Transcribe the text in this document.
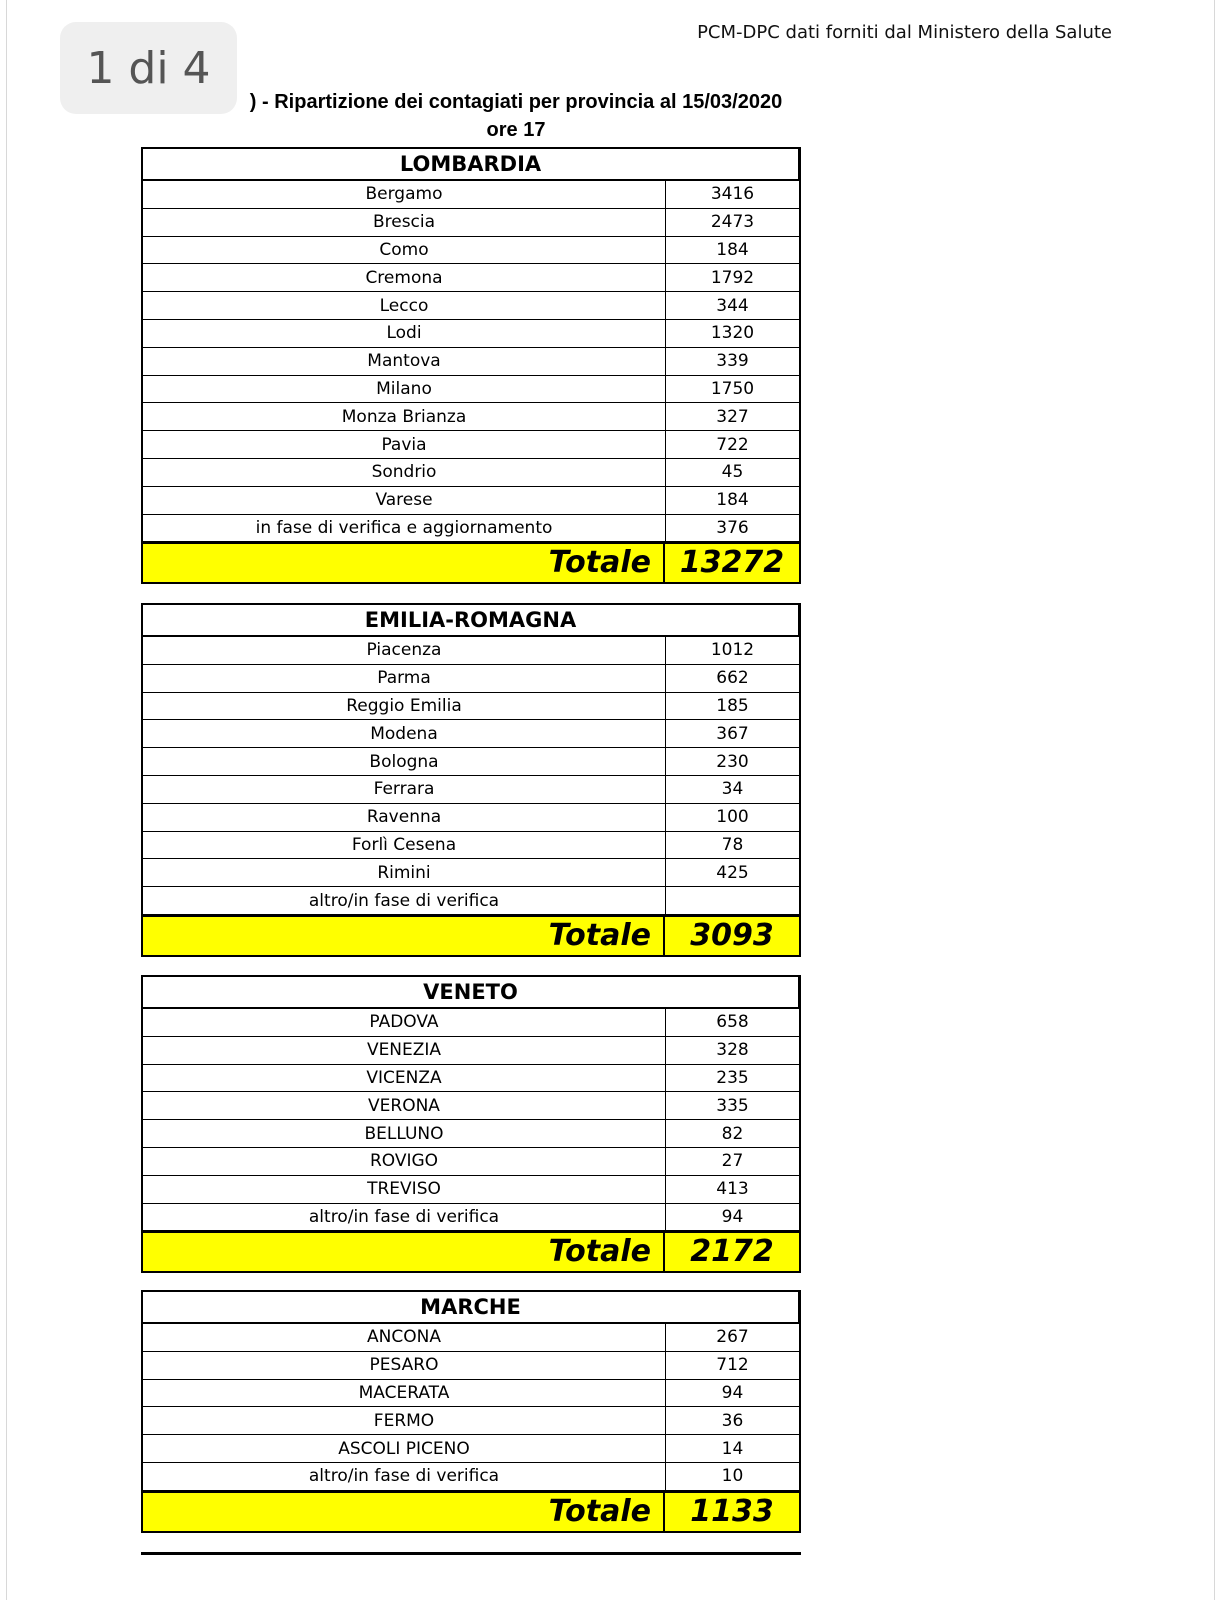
PCM-DPC dati forniti dal Ministero della Salute
1 di 4
) - Ripartizione dei contagiati per provincia al 15/03/2020
ore 17
LOMBARDIA
Bergamo	3416
Brescia	2473
Como	184
Cremona	1792
Lecco	344
Lodi	1320
Mantova	339
Milano	1750
Monza Brianza	327
Pavia	722
Sondrio	45
Varese	184
in fase di verifica e aggiornamento	376
Totale 13272
EMILIA-ROMAGNA
Piacenza	1012
Parma	662
Reggio Emilia	185
Modena	367
Bologna	230
Ferrara	34
Ravenna	100
Forlì Cesena	78
Rimini	425
altro/in fase di verifica
Totale	3093
VENETO
PADOVA	658
VENEZIA	328
VICENZA	235
VERONA	335
BELLUNO	82
ROVIGO	27
TREVISO	413
altro/in fase di verifica	94
Totale	2172
MARCHE
ANCONA	267
PESARO	712
MACERATA	94
FERMO	36
ASCOLI PICENO	14
altro/in fase di verifica	10
Totale	1133
